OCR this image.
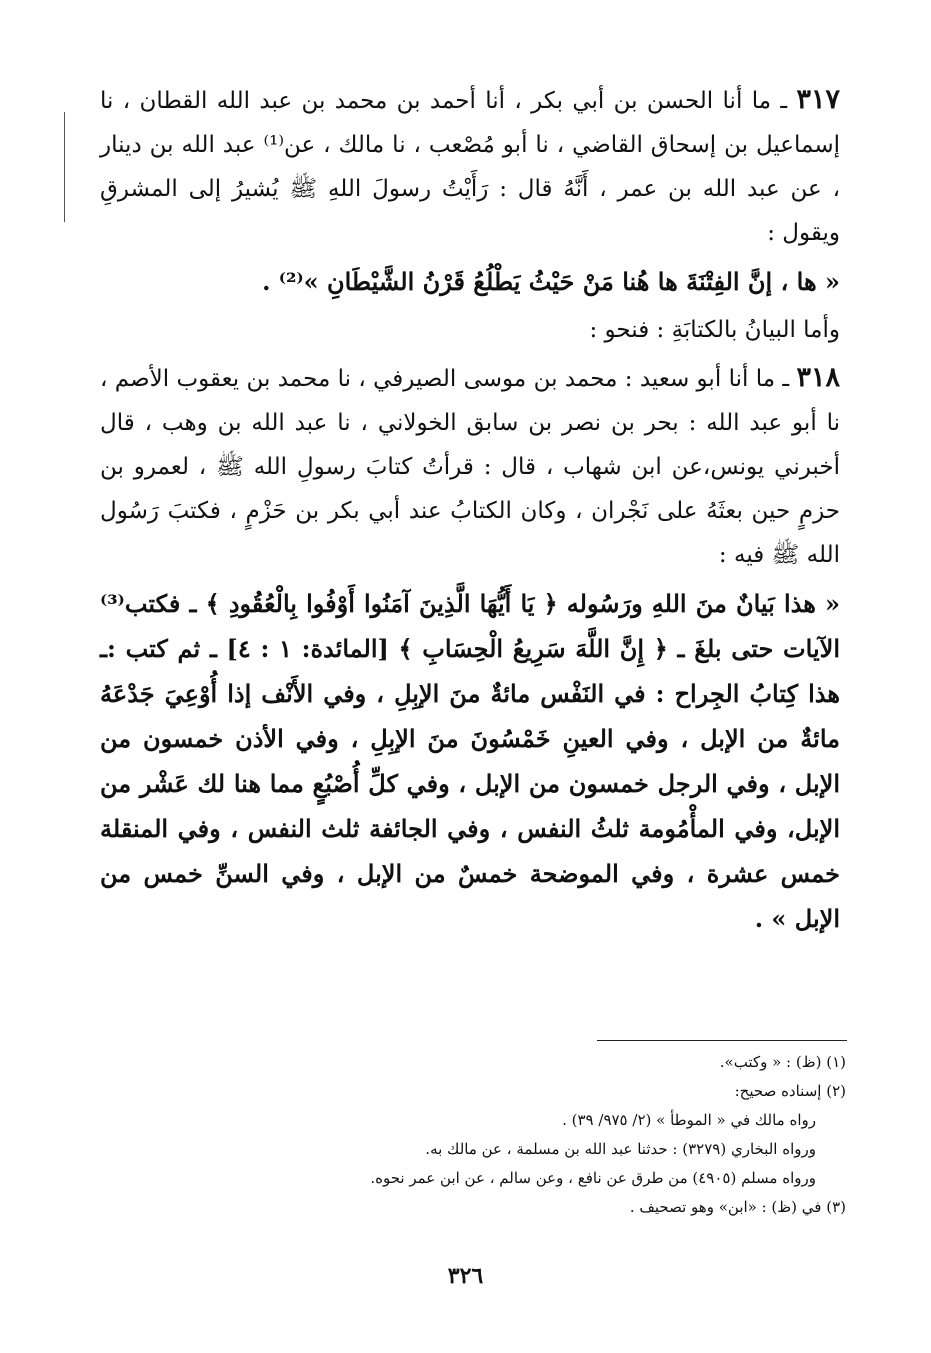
٣١٧ ـ ما أنا الحسن بن أبي بكر ، أنا أحمد بن محمد بن عبد الله القطان ، نا إسماعيل بن إسحاق القاضي ، نا أبو مُصْعب ، نا مالك ، عن⁽¹⁾ عبد الله بن دينار ، عن عبد الله بن عمر ، أَنَّهُ قال : رَأَيْتُ رسولَ اللهِ ﷺ يُشيرُ إلى المشرقِ ويقول :

« ها ، إنَّ الفِتْنَةَ ها هُنا مَنْ حَيْثُ يَطْلُعُ قَرْنُ الشَّيْطَانِ »⁽²⁾ .

وأما البيانُ بالكتابَةِ : فنحو :

٣١٨ ـ ما أنا أبو سعيد : محمد بن موسى الصيرفي ، نا محمد بن يعقوب الأصم ، نا أبو عبد الله : بحر بن نصر بن سابق الخولاني ، نا عبد الله بن وهب ، قال أخبرني يونس،عن ابن شهاب ، قال : قرأتُ كتابَ رسولِ الله ﷺ ، لعمرو بن حزمٍ حين بعثَهُ على نَجْران ، وكان الكتابُ عند أبي بكر بن حَزْمٍ ، فكتبَ رَسُول الله ﷺ فيه :

« هذا بَيانٌ منَ اللهِ ورَسُوله ﴿ يَا أَيُّهَا الَّذِينَ آمَنُوا أَوْفُوا بِالْعُقُودِ ﴾ ـ فكتب⁽³⁾ الآيات حتى بلغَ ـ ﴿ إِنَّ اللَّهَ سَرِيعُ الْحِسَابِ ﴾ [المائدة: ١ : ٤] ـ ثم كتب :ـ هذا كِتابُ الجِراح : في النَفْس مائةٌ منَ الإبِلِ ، وفي الأَنْف إذا أُوْعِيَ جَدْعَهُ مائةٌ من الإبل ، وفي العينِ خَمْسُونَ منَ الإبِلِ ، وفي الأذن خمسون من الإبل ، وفي الرجل خمسون من الإبل ، وفي كلِّ أُصْبُعٍ مما هنا لك عَشْر من الإبل، وفي المأْمُومة ثلثُ النفس ، وفي الجائفة ثلث النفس ، وفي المنقلة خمس عشرة ، وفي الموضحة خمسٌ من الإبل ، وفي السنِّ خمس من الإبل » .

(١) (ظ) : « وكتب».

(٢) إسناده صحيح:

رواه مالك في « الموطأ » (٢/ ٩٧٥/ ٣٩) .

ورواه البخاري (٣٢٧٩) : حدثنا عبد الله بن مسلمة ، عن مالك به.

ورواه مسلم (٤٩٠٥) من طرق عن نافع ، وعن سالم ، عن ابن عمر نحوه.

(٣) في (ظ) : «ابن» وهو تصحيف .

٣٢٦
